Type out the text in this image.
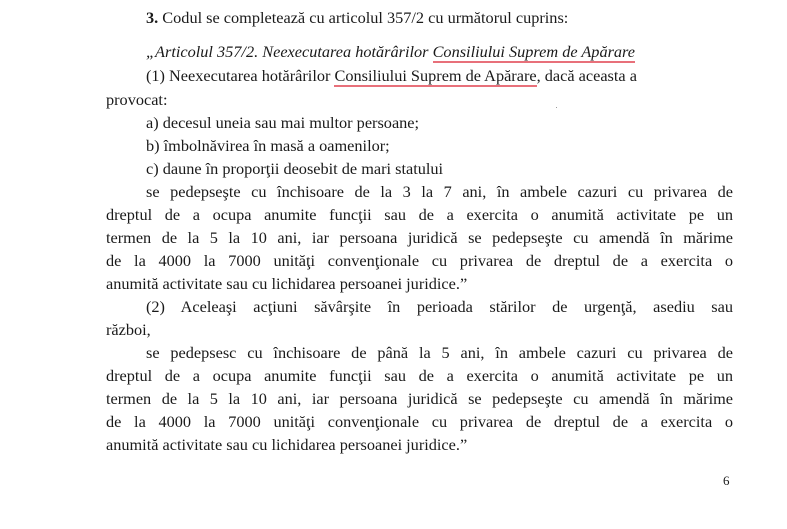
3. Codul se completează cu articolul 357/2 cu următorul cuprins:
„Articolul 357/2. Neexecutarea hotărârilor Consiliului Suprem de Apărare
(1) Neexecutarea hotărârilor Consiliului Suprem de Apărare, dacă aceasta a
provocat:
a) decesul uneia sau mai multor persoane;
b) îmbolnăvirea în masă a oamenilor;
c) daune în proporţii deosebit de mari statului
se pedepseşte cu închisoare de la 3 la 7 ani, în ambele cazuri cu privarea de
dreptul de a ocupa anumite funcţii sau de a exercita o anumită activitate pe un
termen de la 5 la 10 ani, iar persoana juridică se pedepseşte cu amendă în mărime
de la 4000 la 7000 unităţi convenţionale cu privarea de dreptul de a exercita o
anumită activitate sau cu lichidarea persoanei juridice.”
(2) Aceleaşi acţiuni săvârşite în perioada stărilor de urgenţă, asediu sau
război,
se pedepsesc cu închisoare de până la 5 ani, în ambele cazuri cu privarea de
dreptul de a ocupa anumite funcţii sau de a exercita o anumită activitate pe un
termen de la 5 la 10 ani, iar persoana juridică se pedepseşte cu amendă în mărime
de la 4000 la 7000 unităţi convenţionale cu privarea de dreptul de a exercita o
anumită activitate sau cu lichidarea persoanei juridice.”
6
